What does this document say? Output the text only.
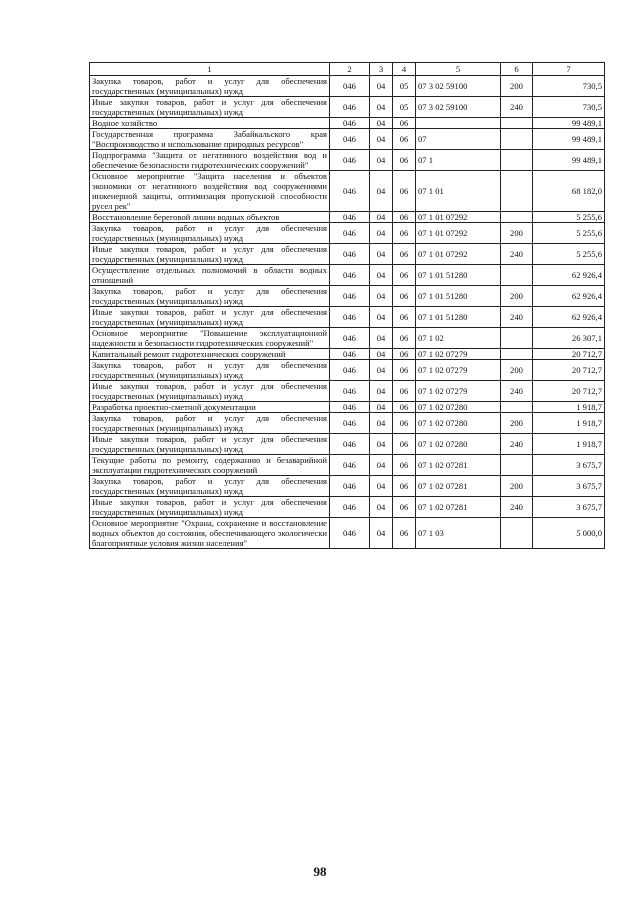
1	2	3	4	5	6	7
Закупка товаров, работ и услуг для обеспечения государственных (муниципальных) нужд	046	04	05	07 3 02 59100	200	730,5
Иные закупки товаров, работ и услуг для обеспечения государственных (муниципальных) нужд	046	04	05	07 3 02 59100	240	730,5
Водное хозяйство	046	04	06			99 489,1
Государственная программа Забайкальского края "Воспроизводство и использование природных ресурсов"	046	04	06	07		99 489,1
Подпрограмма "Защита от негативного воздействия вод и обеспечение безопасности гидротехнических сооружений"	046	04	06	07 1		99 489,1
Основное мероприятие "Защита населения и объектов экономики от негативного воздействия вод сооружениями инженерной защиты, оптимизация пропускной способности русел рек"	046	04	06	07 1 01		68 182,0
Восстановление береговой линии водных объектов	046	04	06	07 1 01 07292		5 255,6
Закупка товаров, работ и услуг для обеспечения государственных (муниципальных) нужд	046	04	06	07 1 01 07292	200	5 255,6
Иные закупки товаров, работ и услуг для обеспечения государственных (муниципальных) нужд	046	04	06	07 1 01 07292	240	5 255,6
Осуществление отдельных полномочий в области водных отношений	046	04	06	07 1 01 51280		62 926,4
Закупка товаров, работ и услуг для обеспечения государственных (муниципальных) нужд	046	04	06	07 1 01 51280	200	62 926,4
Иные закупки товаров, работ и услуг для обеспечения государственных (муниципальных) нужд	046	04	06	07 1 01 51280	240	62 926,4
Основное мероприятие "Повышение эксплуатационной надежности и безопасности гидротехнических сооружений"	046	04	06	07 1 02		26 307,1
Капитальный ремонт гидротехнических сооружений	046	04	06	07 1 02 07279		20 712,7
Закупка товаров, работ и услуг для обеспечения государственных (муниципальных) нужд	046	04	06	07 1 02 07279	200	20 712,7
Иные закупки товаров, работ и услуг для обеспечения государственных (муниципальных) нужд	046	04	06	07 1 02 07279	240	20 712,7
Разработка проектно-сметной документации	046	04	06	07 1 02 07280		1 918,7
Закупка товаров, работ и услуг для обеспечения государственных (муниципальных) нужд	046	04	06	07 1 02 07280	200	1 918,7
Иные закупки товаров, работ и услуг для обеспечения государственных (муниципальных) нужд	046	04	06	07 1 02 07280	240	1 918,7
Текущие работы по ремонту, содержанию и безаварийной эксплуатации гидротехнических сооружений	046	04	06	07 1 02 07281		3 675,7
Закупка товаров, работ и услуг для обеспечения государственных (муниципальных) нужд	046	04	06	07 1 02 07281	200	3 675,7
Иные закупки товаров, работ и услуг для обеспечения государственных (муниципальных) нужд	046	04	06	07 1 02 07281	240	3 675,7
Основное мероприятие "Охрана, сохранение и восстановление водных объектов до состояния, обеспечивающего экологически благоприятные условия жизни населения"	046	04	06	07 1 03		5 000,0
98
